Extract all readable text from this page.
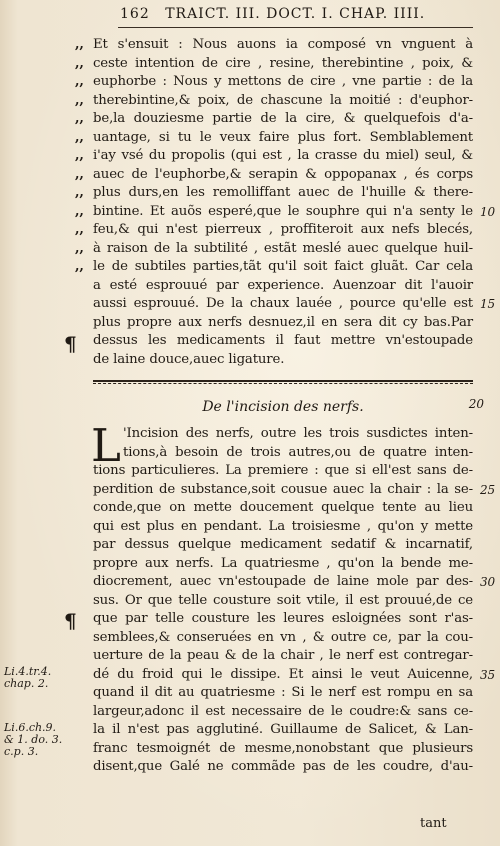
162 TRAICT. III. DOCT. I. CHAP. IIII.
,, Et s'ensuit : Nous auons ia composé vn vnguent à
,, ceste intention de cire , resine, therebintine , poix, &
,, euphorbe : Nous y mettons de cire , vne partie : de la
,, therebintine,& poix, de chascune la moitié : d'euphor-
,, be,la douziesme partie de la cire, & quelquefois d'a-
,, uantage, si tu le veux faire plus fort. Semblablement
,, i'ay vsé du propolis (qui est , la crasse du miel) seul, &
,, auec de l'euphorbe,& serapin & oppopanax , és corps
,, plus durs,en les remolliffant auec de l'huille & there-
,, bintine. Et auõs esperé,que le souphre qui n'a senty le 10
,, feu,& qui n'est pierreux , proffiteroit aux nefs blecés,
,, à raison de la subtilité , estãt meslé auec quelque huil-
,, le de subtiles parties,tãt qu'il soit faict gluãt. Car cela
a esté esprouué par experience. Auenzoar dit l'auoir
aussi esprouué. De la chaux lauée , pource qu'elle est 15
plus propre aux nerfs desnuez,il en sera dit cy bas.Par
dessus les medicaments il faut mettre vn'estoupade
de laine douce,auec ligature.
¶
De l'incision des nerfs.	20
L 'Incision des nerfs, outre les trois susdictes inten-
tions,à besoin de trois autres,ou de quatre inten-
tions particulieres. La premiere : que si ell'est sans de-
perdition de substance,soit cousue auec la chair : la se- 25
conde,que on mette doucement quelque tente au lieu
qui est plus en pendant. La troisiesme , qu'on y mette
par dessus quelque medicament sedatif & incarnatif,
propre aux nerfs. La quatriesme , qu'on la bende me-
diocrement, auec vn'estoupade de laine mole par des- 30
sus. Or que telle cousture soit vtile, il est prouué,de ce
que par telle cousture les leures esloignées sont r'as-
semblees,& conseruées en vn , & outre ce, par la cou-
uerture de la peau & de la chair , le nerf est contregar-
dé du froid qui le dissipe. Et ainsi le veut Auicenne, 35
quand il dit au quatriesme : Si le nerf est rompu en sa
largeur,adonc il est necessaire de le coudre:& sans ce-
la il n'est pas agglutiné. Guillaume de Salicet, & Lan-
franc tesmoignét de mesme,nonobstant que plusieurs
disent,que Galé ne commãde pas de les coudre, d'au-
¶
Li.4.tr.4.
chap. 2.
Li.6.ch.9.
& 1. do. 3.
c.p. 3.
tant
